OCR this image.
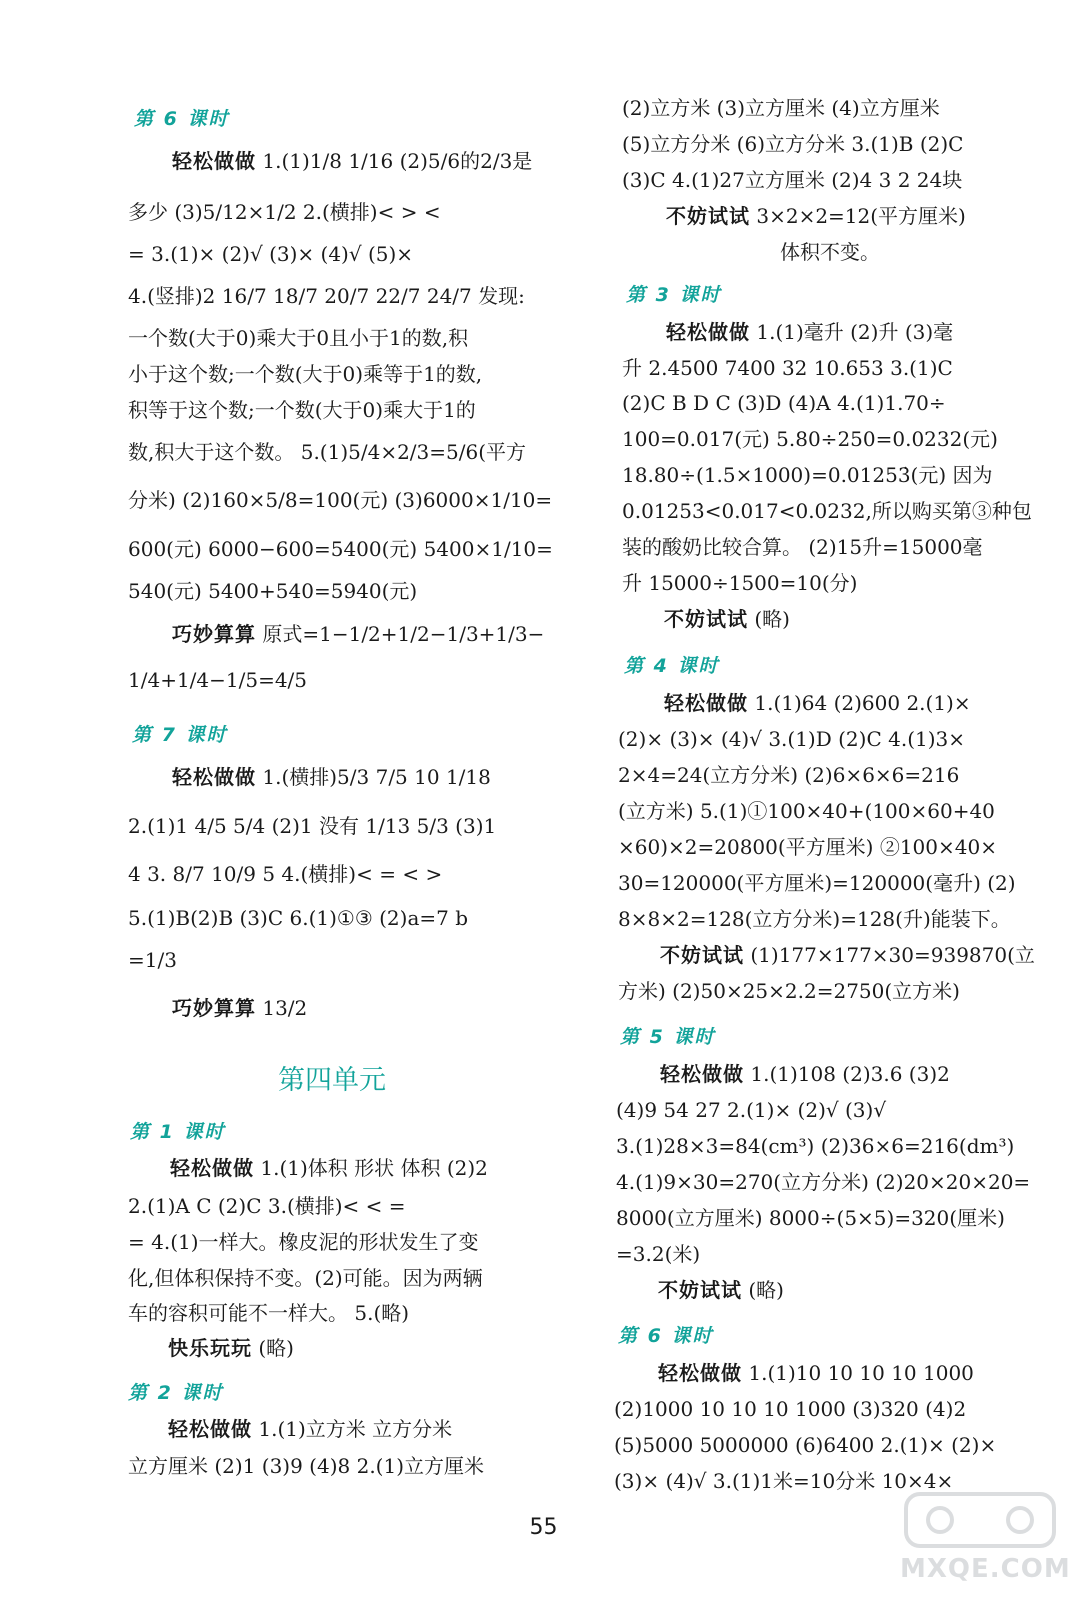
第 6 课时
轻松做做 1.(1)1/8 1/16 (2)5/6的2/3是
多少 (3)5/12×1/2 2.(横排)< > <
= 3.(1)× (2)√ (3)× (4)√ (5)×
4.(竖排)2 16/7 18/7 20/7 22/7 24/7 发现:
一个数(大于0)乘大于0且小于1的数,积
小于这个数;一个数(大于0)乘等于1的数,
积等于这个数;一个数(大于0)乘大于1的
数,积大于这个数。 5.(1)5/4×2/3=5/6(平方
分米) (2)160×5/8=100(元) (3)6000×1/10=
600(元) 6000−600=5400(元) 5400×1/10=
540(元) 5400+540=5940(元)
巧妙算算 原式=1−1/2+1/2−1/3+1/3−
1/4+1/4−1/5=4/5
第 7 课时
轻松做做 1.(横排)5/3 7/5 10 1/18
2.(1)1 4/5 5/4 (2)1 没有 1/13 5/3 (3)1
4 3. 8/7 10/9 5 4.(横排)< = < >
5.(1)B(2)B (3)C 6.(1)①③ (2)a=7 b
=1/3
巧妙算算 13/2
第四单元
第 1 课时
轻松做做 1.(1)体积 形状 体积 (2)2
2.(1)A C (2)C 3.(横排)< < =
= 4.(1)一样大。橡皮泥的形状发生了变
化,但体积保持不变。(2)可能。因为两辆
车的容积可能不一样大。 5.(略)
快乐玩玩 (略)
第 2 课时
轻松做做 1.(1)立方米 立方分米
立方厘米 (2)1 (3)9 (4)8 2.(1)立方厘米
(2)立方米 (3)立方厘米 (4)立方厘米
(5)立方分米 (6)立方分米 3.(1)B (2)C
(3)C 4.(1)27立方厘米 (2)4 3 2 24块
不妨试试 3×2×2=12(平方厘米)
体积不变。
第 3 课时
轻松做做 1.(1)毫升 (2)升 (3)毫
升 2.4500 7400 32 10.653 3.(1)C
(2)C B D C (3)D (4)A 4.(1)1.70÷
100=0.017(元) 5.80÷250=0.0232(元)
18.80÷(1.5×1000)=0.01253̇(元) 因为
0.01253̇<0.017<0.0232,所以购买第③种包
装的酸奶比较合算。 (2)15升=15000毫
升 15000÷1500=10(分)
不妨试试 (略)
第 4 课时
轻松做做 1.(1)64 (2)600 2.(1)×
(2)× (3)× (4)√ 3.(1)D (2)C 4.(1)3×
2×4=24(立方分米) (2)6×6×6=216
(立方米) 5.(1)①100×40+(100×60+40
×60)×2=20800(平方厘米) ②100×40×
30=120000(平方厘米)=120000(毫升) (2)
8×8×2=128(立方分米)=128(升)能装下。
不妨试试 (1)177×177×30=939870(立
方米) (2)50×25×2.2=2750(立方米)
第 5 课时
轻松做做 1.(1)108 (2)3.6 (3)2
(4)9 54 27 2.(1)× (2)√ (3)√
3.(1)28×3=84(cm³) (2)36×6=216(dm³)
4.(1)9×30=270(立方分米) (2)20×20×20=
8000(立方厘米) 8000÷(5×5)=320(厘米)
=3.2(米)
不妨试试 (略)
第 6 课时
轻松做做 1.(1)10 10 10 10 1000
(2)1000 10 10 10 1000 (3)320 (4)2
(5)5000 5000000 (6)6400 2.(1)× (2)×
(3)× (4)√ 3.(1)1米=10分米 10×4×
55
MXQE.COM
